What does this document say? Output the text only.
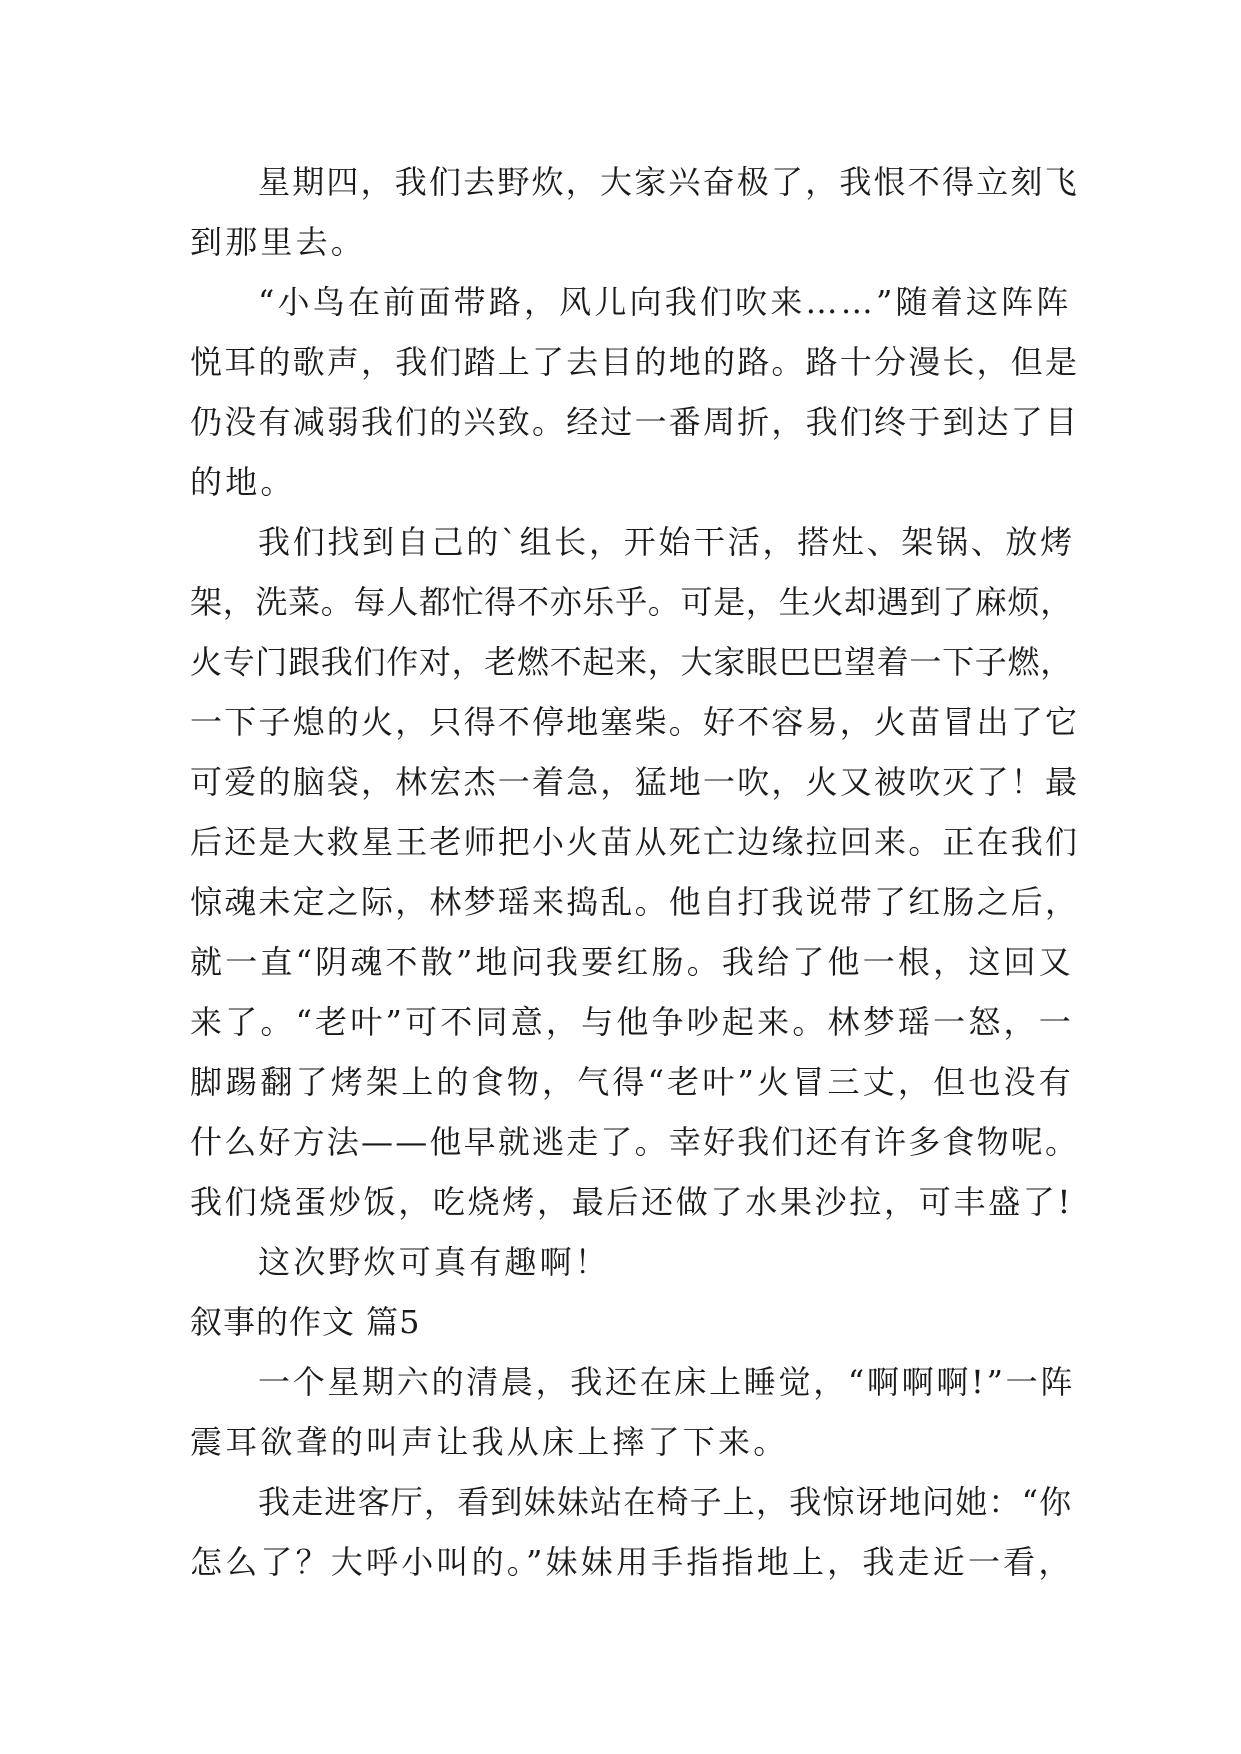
星期四，我们去野炊，大家兴奋极了，我恨不得立刻飞
到那里去。
“小鸟在前面带路，风儿向我们吹来……”随着这阵阵
悦耳的歌声，我们踏上了去目的地的路。路十分漫长，但是
仍没有减弱我们的兴致。经过一番周折，我们终于到达了目
的地。
我们找到自己的`组长，开始干活，搭灶、架锅、放烤
架，洗菜。每人都忙得不亦乐乎。可是，生火却遇到了麻烦，
火专门跟我们作对，老燃不起来，大家眼巴巴望着一下子燃，
一下子熄的火，只得不停地塞柴。好不容易，火苗冒出了它
可爱的脑袋，林宏杰一着急，猛地一吹，火又被吹灭了！最
后还是大救星王老师把小火苗从死亡边缘拉回来。正在我们
惊魂未定之际，林梦瑶来捣乱。他自打我说带了红肠之后，
就一直“阴魂不散”地问我要红肠。我给了他一根，这回又
来了。“老叶”可不同意，与他争吵起来。林梦瑶一怒，一
脚踢翻了烤架上的食物，气得“老叶”火冒三丈，但也没有
什么好方法——他早就逃走了。幸好我们还有许多食物呢。
我们烧蛋炒饭，吃烧烤，最后还做了水果沙拉，可丰盛了!
这次野炊可真有趣啊！
叙事的作文 篇5
一个星期六的清晨，我还在床上睡觉，“啊啊啊!”一阵
震耳欲聋的叫声让我从床上摔了下来。
我走进客厅，看到妹妹站在椅子上，我惊讶地问她：“你
怎么了？大呼小叫的。”妹妹用手指指地上，我走近一看，
